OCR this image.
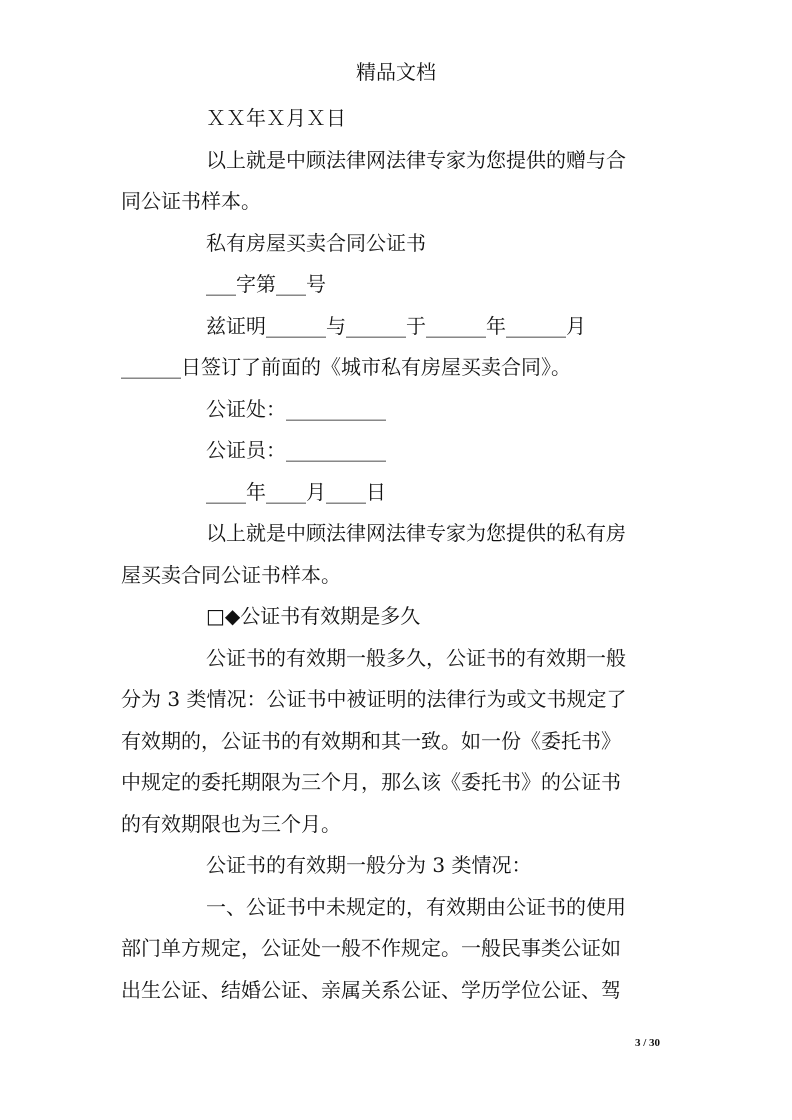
精品文档

ＸＸ年Ｘ月Ｘ日

以上就是中顾法律网法律专家为您提供的赠与合

同公证书样本。

私有房屋买卖合同公证书

___字第___号

兹证明______与______于______年______月

______日签订了前面的《城市私有房屋买卖合同》。

公证处：__________

公证员：__________

____年____月____日

以上就是中顾法律网法律专家为您提供的私有房

屋买卖合同公证书样本。

□◆公证书有效期是多久

公证书的有效期一般多久，公证书的有效期一般

分为 3 类情况：公证书中被证明的法律行为或文书规定了

有效期的，公证书的有效期和其一致。如一份《委托书》

中规定的委托期限为三个月，那么该《委托书》的公证书

的有效期限也为三个月。

公证书的有效期一般分为 3 类情况：

一、公证书中未规定的，有效期由公证书的使用

部门单方规定，公证处一般不作规定。一般民事类公证如

出生公证、结婚公证、亲属关系公证、学历学位公证、驾

3 / 30
